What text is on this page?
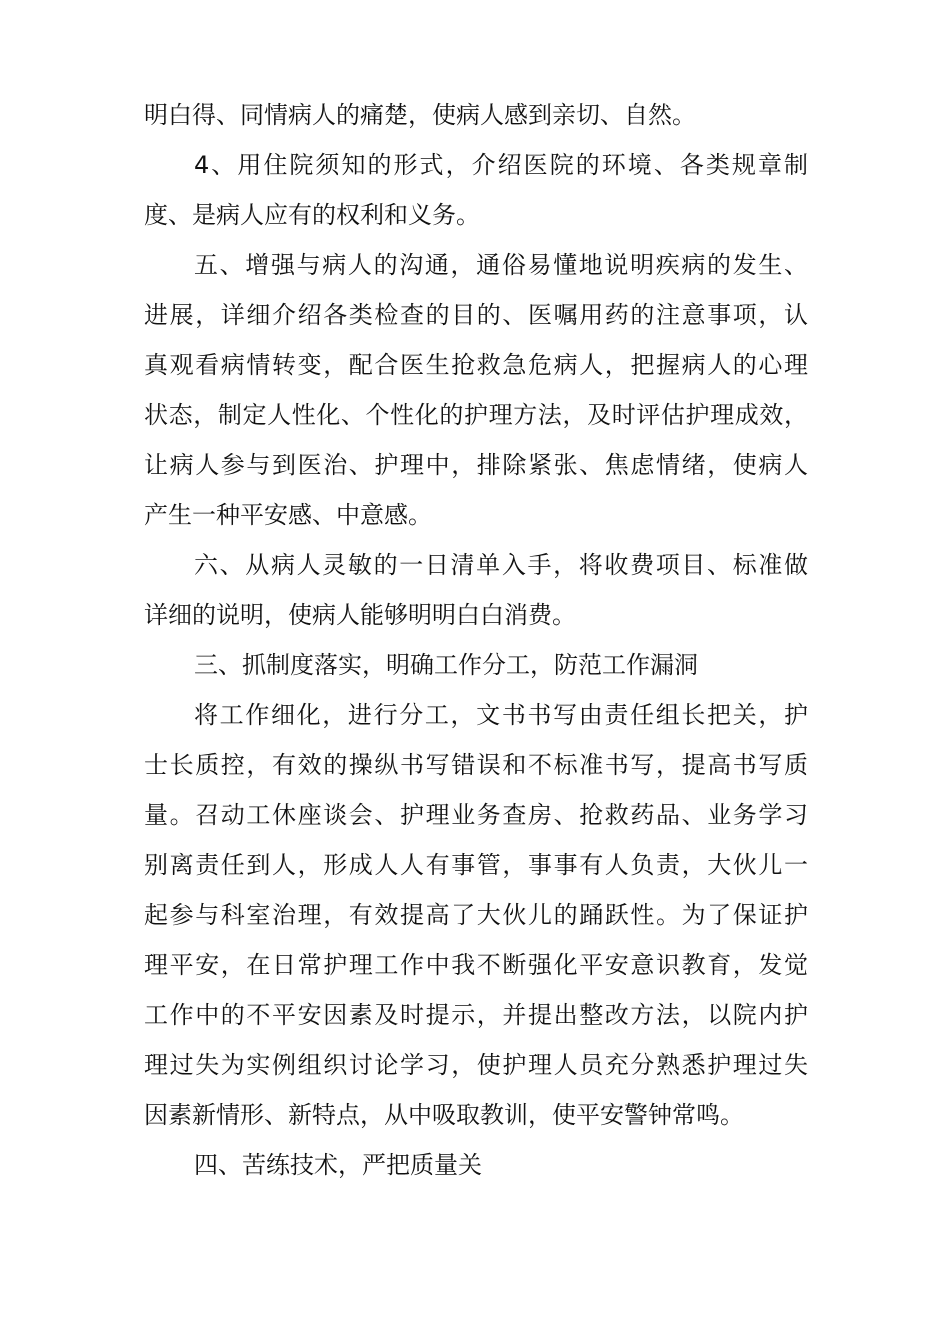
明白得、同情病人的痛楚，使病人感到亲切、自然。
4、用住院须知的形式，介绍医院的环境、各类规章制
度、是病人应有的权利和义务。
五、增强与病人的沟通，通俗易懂地说明疾病的发生、
进展，详细介绍各类检查的目的、医嘱用药的注意事项，认
真观看病情转变，配合医生抢救急危病人，把握病人的心理
状态，制定人性化、个性化的护理方法，及时评估护理成效，
让病人参与到医治、护理中，排除紧张、焦虑情绪，使病人
产生一种平安感、中意感。
六、从病人灵敏的一日清单入手，将收费项目、标准做
详细的说明，使病人能够明明白白消费。
三、抓制度落实，明确工作分工，防范工作漏洞
将工作细化，进行分工，文书书写由责任组长把关，护
士长质控，有效的操纵书写错误和不标准书写，提高书写质
量。召动工休座谈会、护理业务查房、抢救药品、业务学习
别离责任到人，形成人人有事管，事事有人负责，大伙儿一
起参与科室治理，有效提高了大伙儿的踊跃性。为了保证护
理平安，在日常护理工作中我不断强化平安意识教育，发觉
工作中的不平安因素及时提示，并提出整改方法，以院内护
理过失为实例组织讨论学习，使护理人员充分熟悉护理过失
因素新情形、新特点，从中吸取教训，使平安警钟常鸣。
四、苦练技术，严把质量关
